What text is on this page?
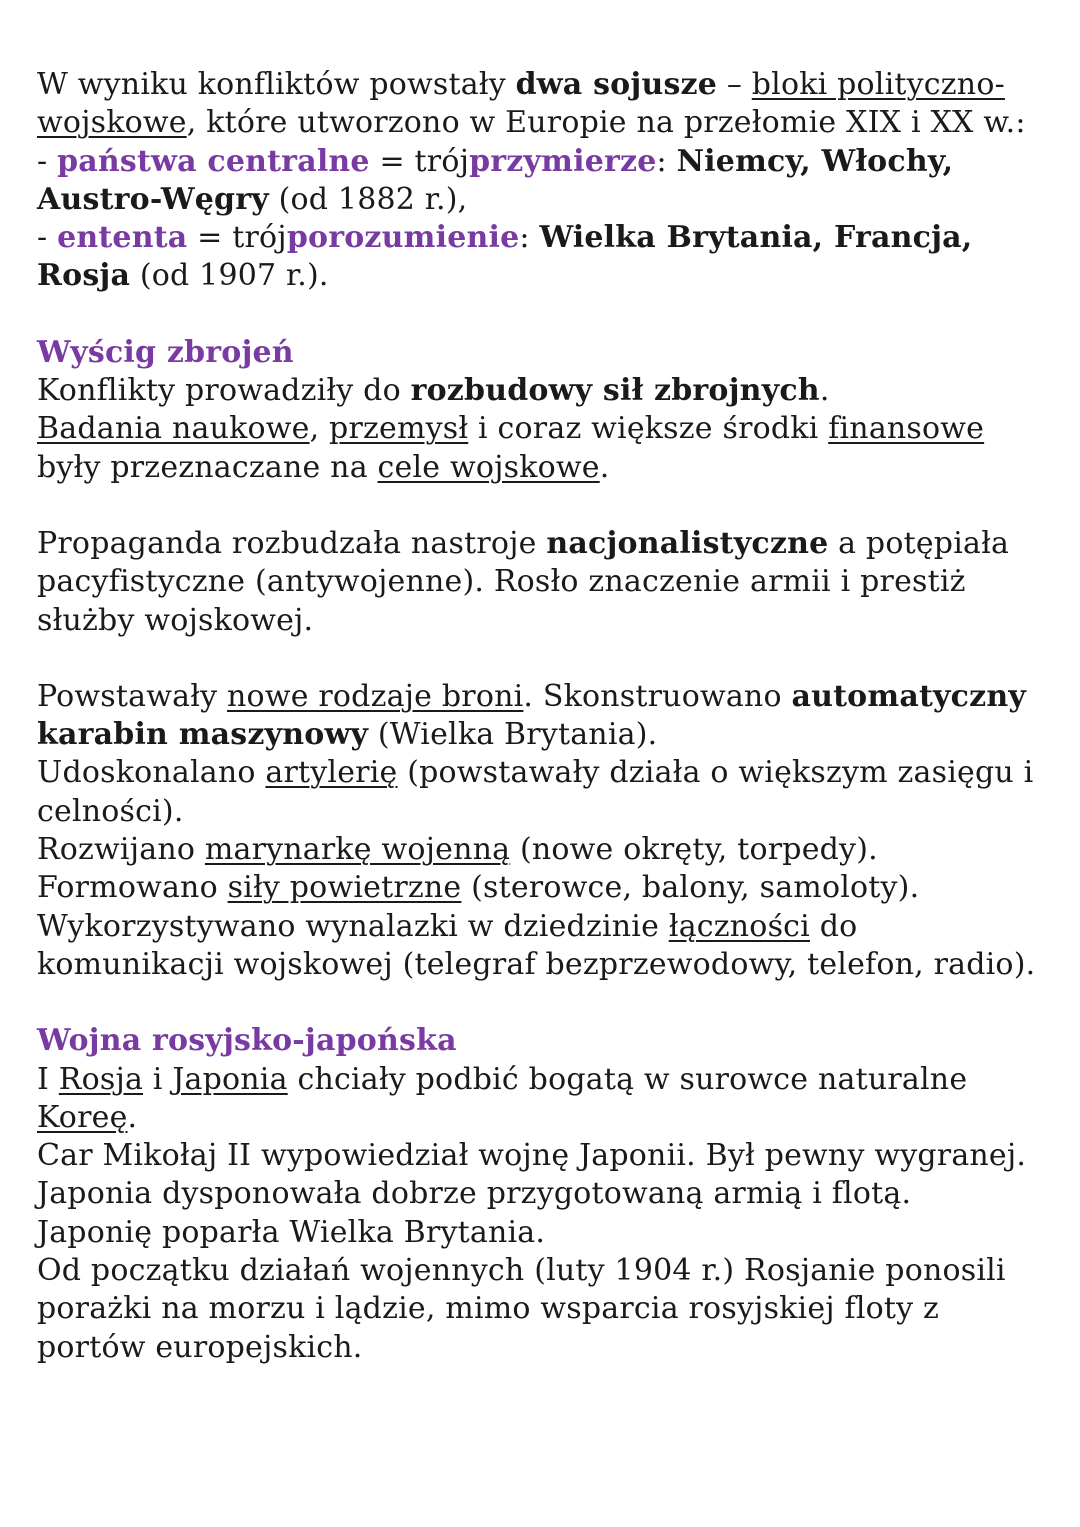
W wyniku konfliktów powstały dwa sojusze – bloki polityczno-wojskowe, które utworzono w Europie na przełomie XIX i XX w.:

- państwa centralne = trójprzymierze: Niemcy, Włochy, Austro-Węgry (od 1882 r.),

- ententa = trójporozumienie: Wielka Brytania, Francja, Rosja (od 1907 r.).

Wyścig zbrojeń

Konflikty prowadziły do rozbudowy sił zbrojnych.

Badania naukowe, przemysł i coraz większe środki finansowe były przeznaczane na cele wojskowe.

Propaganda rozbudzała nastroje nacjonalistyczne a potępiała pacyfistyczne (antywojenne). Rosło znaczenie armii i prestiż służby wojskowej.

Powstawały nowe rodzaje broni. Skonstruowano automatyczny karabin maszynowy (Wielka Brytania).

Udoskonalano artylerię (powstawały działa o większym zasięgu i celności).

Rozwijano marynarkę wojenną (nowe okręty, torpedy).

Formowano siły powietrzne (sterowce, balony, samoloty).

Wykorzystywano wynalazki w dziedzinie łączności do komunikacji wojskowej (telegraf bezprzewodowy, telefon, radio).

Wojna rosyjsko-japońska

I Rosja i Japonia chciały podbić bogatą w surowce naturalne Koreę.

Car Mikołaj II wypowiedział wojnę Japonii. Był pewny wygranej.

Japonia dysponowała dobrze przygotowaną armią i flotą.

Japonię poparła Wielka Brytania.

Od początku działań wojennych (luty 1904 r.) Rosjanie ponosili porażki na morzu i lądzie, mimo wsparcia rosyjskiej floty z portów europejskich.
